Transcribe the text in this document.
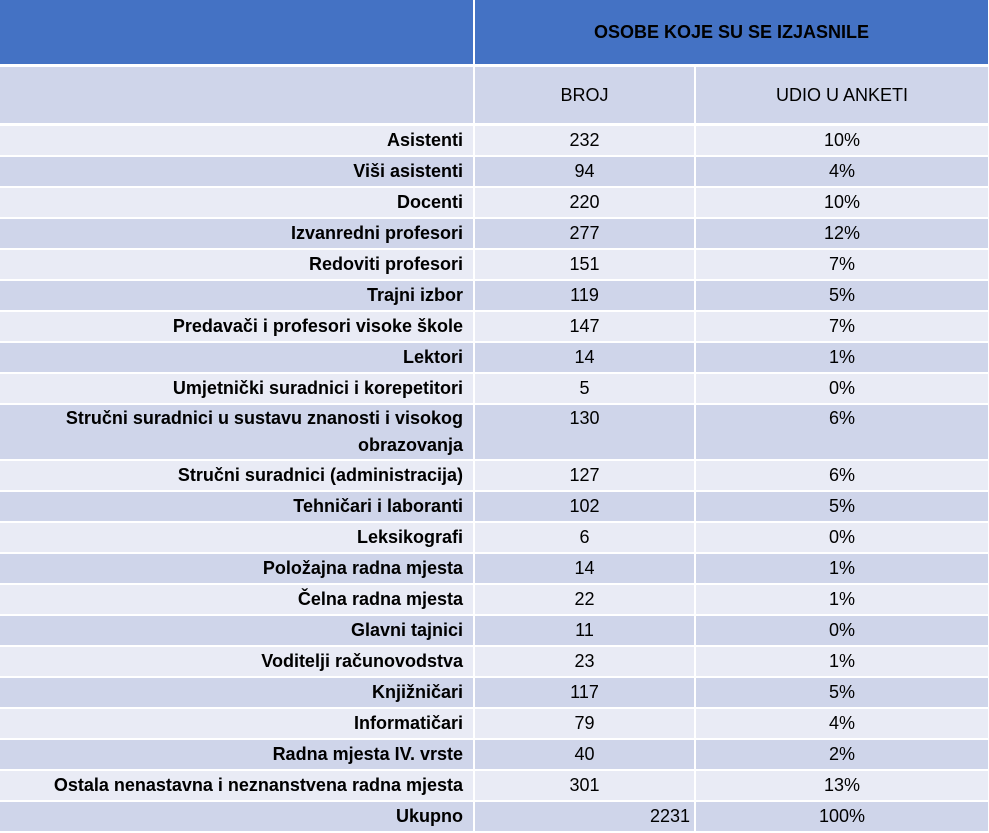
	OSOBE KOJE SU SE IZJASNILE	
	BROJ	UDIO U ANKETI
Asistenti	232	10%
Viši asistenti	94	4%
Docenti	220	10%
Izvanredni profesori	277	12%
Redoviti profesori	151	7%
Trajni izbor	119	5%
Predavači i profesori visoke škole	147	7%
Lektori	14	1%
Umjetnički suradnici i korepetitori	5	0%
Stručni suradnici u sustavu znanosti i visokog obrazovanja	130	6%
Stručni suradnici (administracija)	127	6%
Tehničari i laboranti	102	5%
Leksikografi	6	0%
Položajna radna mjesta	14	1%
Čelna radna mjesta	22	1%
Glavni tajnici	11	0%
Voditelji računovodstva	23	1%
Knjižničari	117	5%
Informatičari	79	4%
Radna mjesta IV. vrste	40	2%
Ostala nenastavna i neznanstvena radna mjesta	301	13%
Ukupno	2231	100%
